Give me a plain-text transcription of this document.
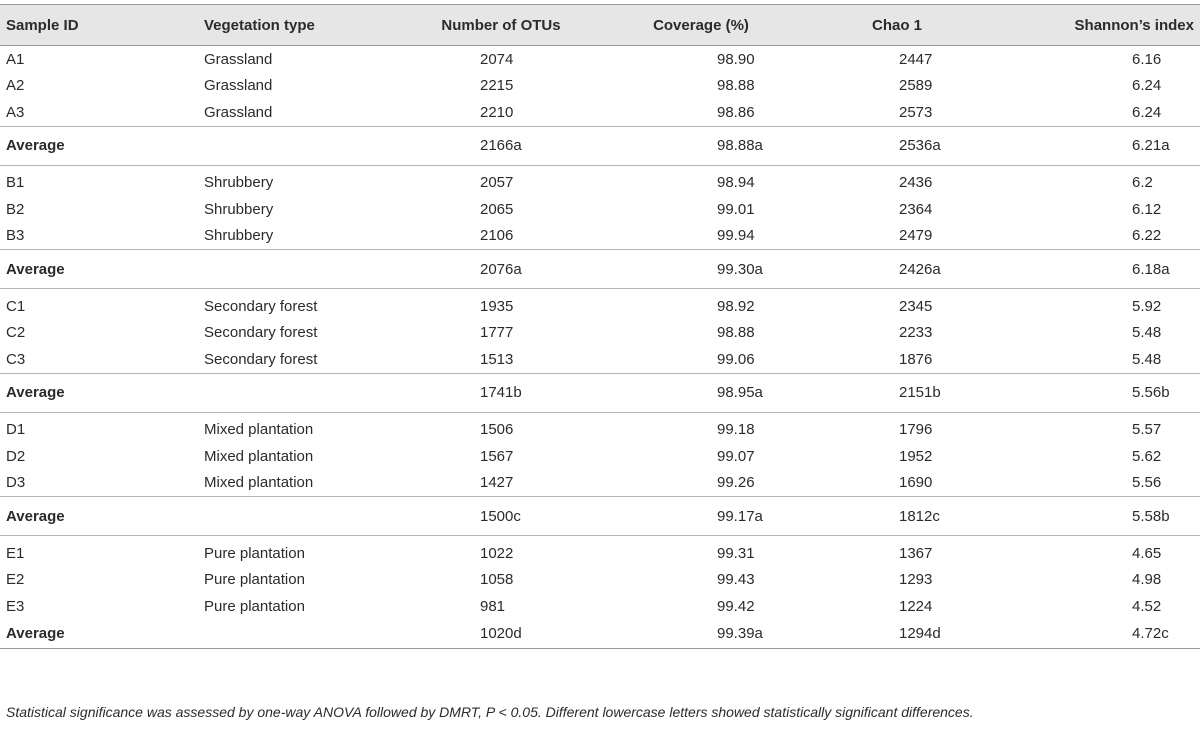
Sample ID	Vegetation type	Number of OTUs	Coverage (%)	Chao 1	Shannon’s index
A1	Grassland	2074	98.90	2447	6.16
A2	Grassland	2215	98.88	2589	6.24
A3	Grassland	2210	98.86	2573	6.24
Average		2166a	98.88a	2536a	6.21a
B1	Shrubbery	2057	98.94	2436	6.2
B2	Shrubbery	2065	99.01	2364	6.12
B3	Shrubbery	2106	99.94	2479	6.22
Average		2076a	99.30a	2426a	6.18a
C1	Secondary forest	1935	98.92	2345	5.92
C2	Secondary forest	1777	98.88	2233	5.48
C3	Secondary forest	1513	99.06	1876	5.48
Average		1741b	98.95a	2151b	5.56b
D1	Mixed plantation	1506	99.18	1796	5.57
D2	Mixed plantation	1567	99.07	1952	5.62
D3	Mixed plantation	1427	99.26	1690	5.56
Average		1500c	99.17a	1812c	5.58b
E1	Pure plantation	1022	99.31	1367	4.65
E2	Pure plantation	1058	99.43	1293	4.98
E3	Pure plantation	981	99.42	1224	4.52
Average		1020d	99.39a	1294d	4.72c
Statistical significance was assessed by one-way ANOVA followed by DMRT, P < 0.05. Different lowercase letters showed statistically significant differences.
